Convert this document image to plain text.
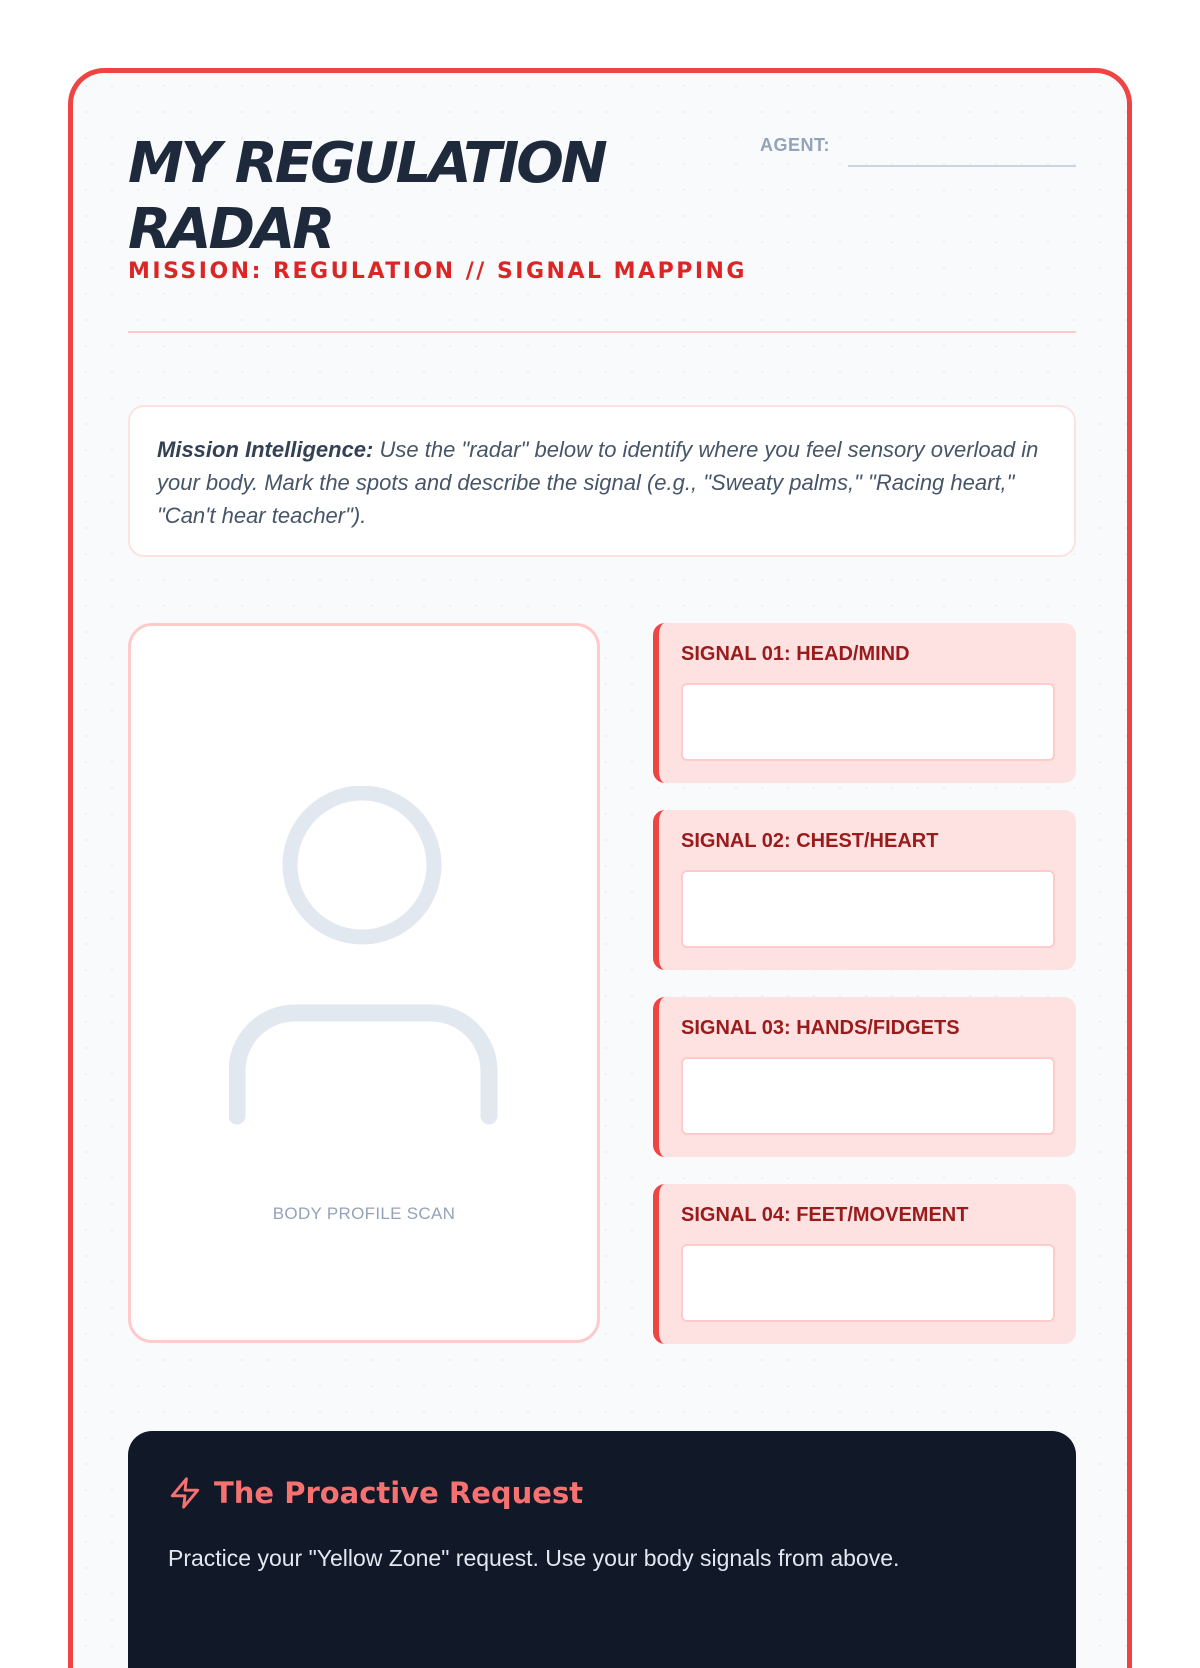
MY REGULATION RADAR
MISSION: REGULATION // SIGNAL MAPPING
AGENT:
Mission Intelligence: Use the "radar" below to identify where you feel sensory overload in your body. Mark the spots and describe the signal (e.g., "Sweaty palms," "Racing heart," "Can't hear teacher").
BODY PROFILE SCAN
SIGNAL 01: HEAD/MIND
SIGNAL 02: CHEST/HEART
SIGNAL 03: HANDS/FIDGETS
SIGNAL 04: FEET/MOVEMENT
The Proactive Request
Practice your "Yellow Zone" request. Use your body signals from above.
